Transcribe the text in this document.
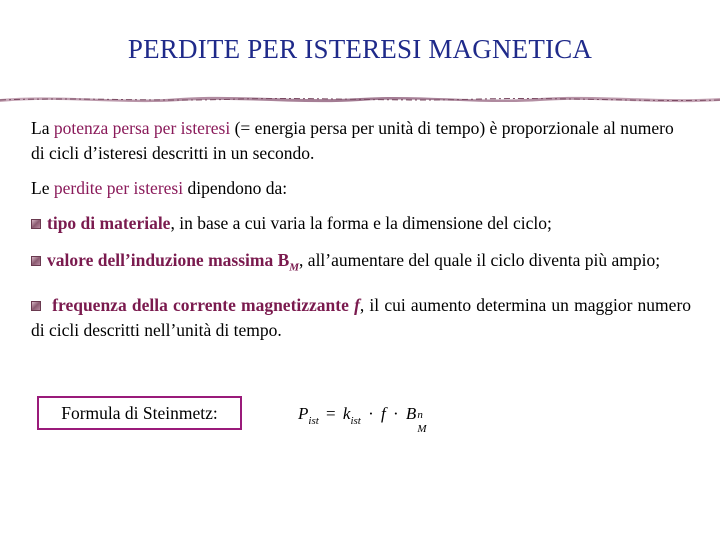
PERDITE PER ISTERESI MAGNETICA

La potenza persa per isteresi (= energia persa per unità di tempo) è proporzionale al numero di cicli d’isteresi descritti in un secondo.

Le perdite per isteresi dipendono da:

tipo di materiale, in base a cui varia la forma e la dimensione del ciclo;

valore dell’induzione massima $B_M$, all’aumentare del quale il ciclo diventa più ampio;

frequenza della corrente magnetizzante f, il cui aumento determina un maggior numero di cicli descritti nell’unità di tempo.

Formula di Steinmetz:	$P_{ist} = k_{ist} \cdot f \cdot B$ n
M
